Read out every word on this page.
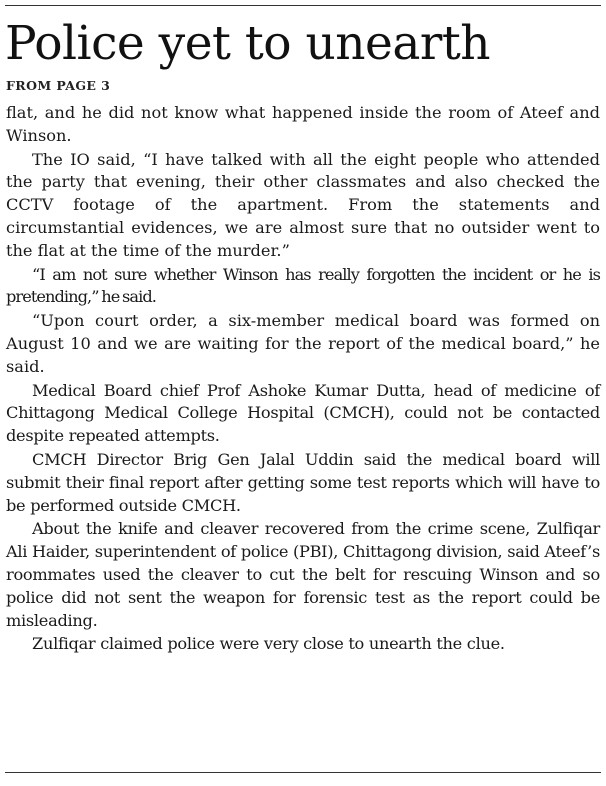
Police yet to unearth
FROM PAGE 3

flat, and he did not know what happened inside the room of Ateef and Winson.

The IO said, “I have talked with all the eight people who attended the party that evening, their other classmates and also checked the CCTV footage of the apartment. From the statements and circumstantial evidences, we are almost sure that no outsider went to the flat at the time of the murder.”

“I am not sure whether Winson has really forgotten the incident or he is pretending,” he said.

“Upon court order, a six-member medical board was formed on August 10 and we are waiting for the report of the medical board,” he said.

Medical Board chief Prof Ashoke Kumar Dutta, head of medicine of Chittagong Medical College Hospital (CMCH), could not be contacted despite repeated attempts.

CMCH Director Brig Gen Jalal Uddin said the medical board will submit their final report after getting some test reports which will have to be performed outside CMCH.

About the knife and cleaver recovered from the crime scene, Zulfiqar Ali Haider, superintendent of police (PBI), Chittagong division, said Ateef’s roommates used the cleaver to cut the belt for rescuing Winson and so police did not sent the weapon for forensic test as the report could be misleading.

Zulfiqar claimed police were very close to unearth the clue.
